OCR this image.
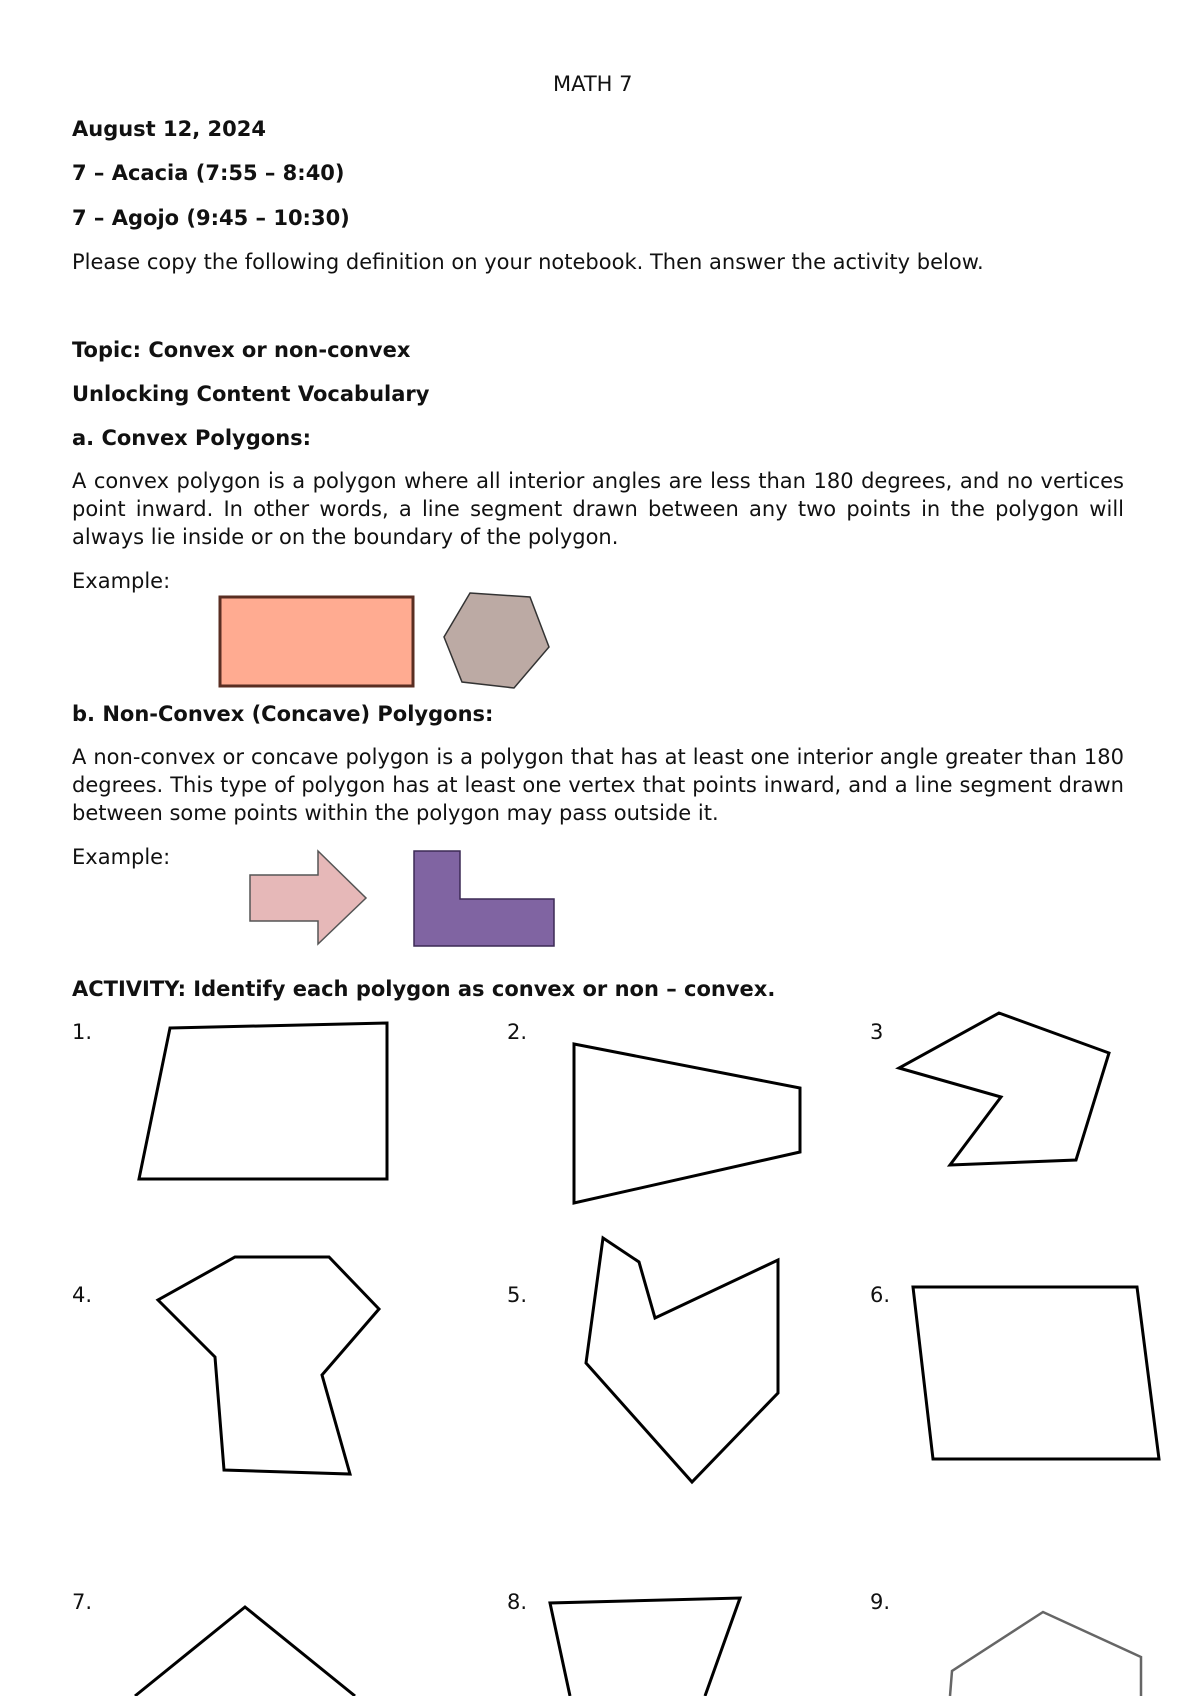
MATH 7
August 12, 2024
7 – Acacia (7:55 – 8:40)
7 – Agojo (9:45 – 10:30)
Please copy the following definition on your notebook. Then answer the activity below.
Topic: Convex or non-convex
Unlocking Content Vocabulary
a. Convex Polygons:
A convex polygon is a polygon where all interior angles are less than 180 degrees, and no vertices point inward. In other words, a line segment drawn between any two points in the polygon will always lie inside or on the boundary of the polygon.
Example:
b. Non-Convex (Concave) Polygons:
A non-convex or concave polygon is a polygon that has at least one interior angle greater than 180 degrees. This type of polygon has at least one vertex that points inward, and a line segment drawn between some points within the polygon may pass outside it.
Example:
ACTIVITY: Identify each polygon as convex or non – convex.
1.	2.	3
4.	5.	6.
7.	8.	9.
